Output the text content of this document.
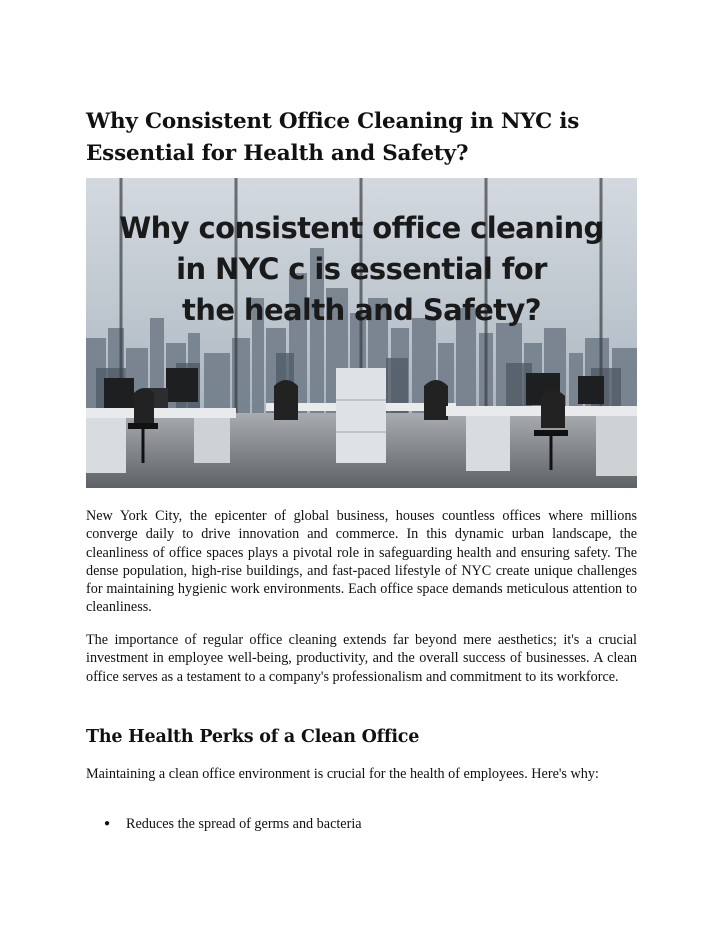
Why Consistent Office Cleaning in NYC is Essential for Health and Safety?
Why consistent office cleaning
in NYC ᴄ is essential for
the health and Safety?

New York City, the epicenter of global business, houses countless offices where millions converge daily to drive innovation and commerce. In this dynamic urban landscape, the cleanliness of office spaces plays a pivotal role in safeguarding health and ensuring safety. The dense population, high-rise buildings, and fast-paced lifestyle of NYC create unique challenges for maintaining hygienic work environments. Each office space demands meticulous attention to cleanliness.

The importance of regular office cleaning extends far beyond mere aesthetics; it's a crucial investment in employee well-being, productivity, and the overall success of businesses. A clean office serves as a testament to a company's professionalism and commitment to its workforce.

The Health Perks of a Clean Office

Maintaining a clean office environment is crucial for the health of employees. Here's why:

● Reduces the spread of germs and bacteria
